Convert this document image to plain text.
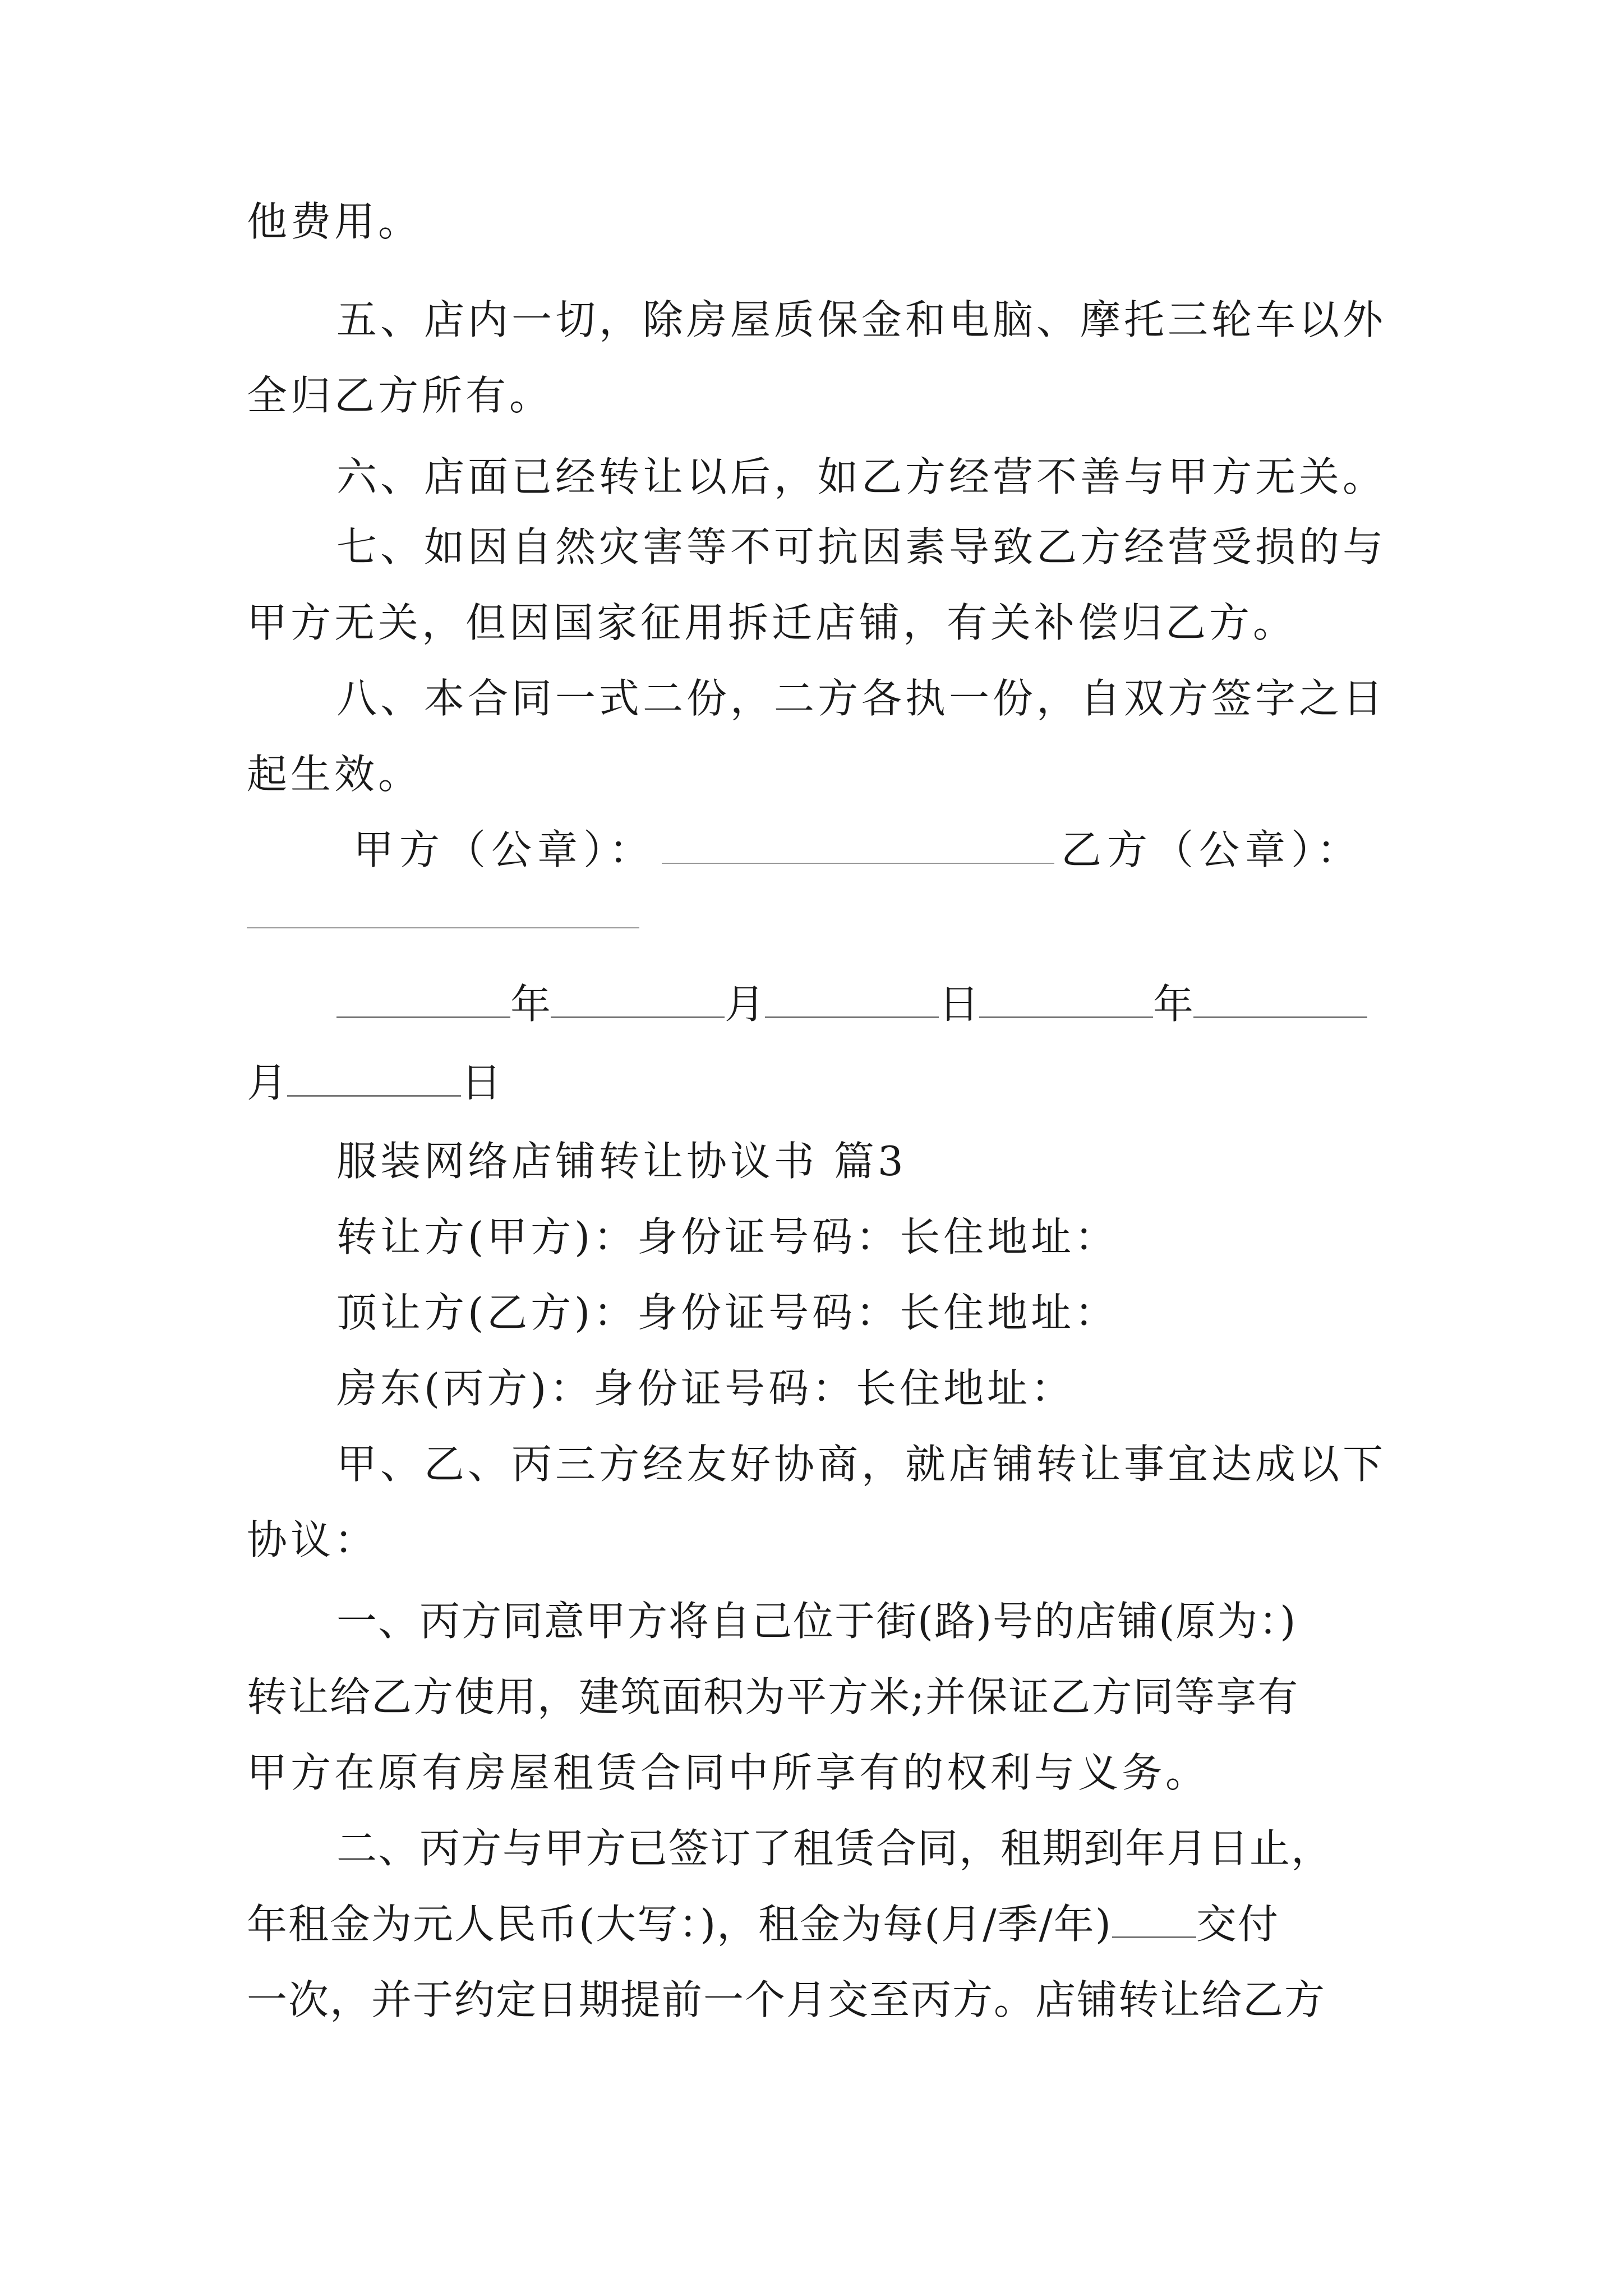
他费用。
五、店内一切，除房屋质保金和电脑、摩托三轮车以外
全归乙方所有。
六、店面已经转让以后，如乙方经营不善与甲方无关。
七、如因自然灾害等不可抗因素导致乙方经营受损的与
甲方无关，但因国家征用拆迁店铺，有关补偿归乙方。
八、本合同一式二份，二方各执一份，自双方签字之日
起生效。
甲方（公章）：	乙方（公章）：
年	月	日	年
月	日
服装网络店铺转让协议书 篇3
转让方(甲方)：身份证号码：长住地址：
顶让方(乙方)：身份证号码：长住地址：
房东(丙方)：身份证号码：长住地址：
甲、乙、丙三方经友好协商，就店铺转让事宜达成以下
协议：
一、丙方同意甲方将自己位于街(路)号的店铺(原为：)
转让给乙方使用，建筑面积为平方米;并保证乙方同等享有
甲方在原有房屋租赁合同中所享有的权利与义务。
二、丙方与甲方已签订了租赁合同，租期到年月日止，
年租金为元人民币(大写：)，租金为每(月/季/年) 交付
一次，并于约定日期提前一个月交至丙方。店铺转让给乙方
